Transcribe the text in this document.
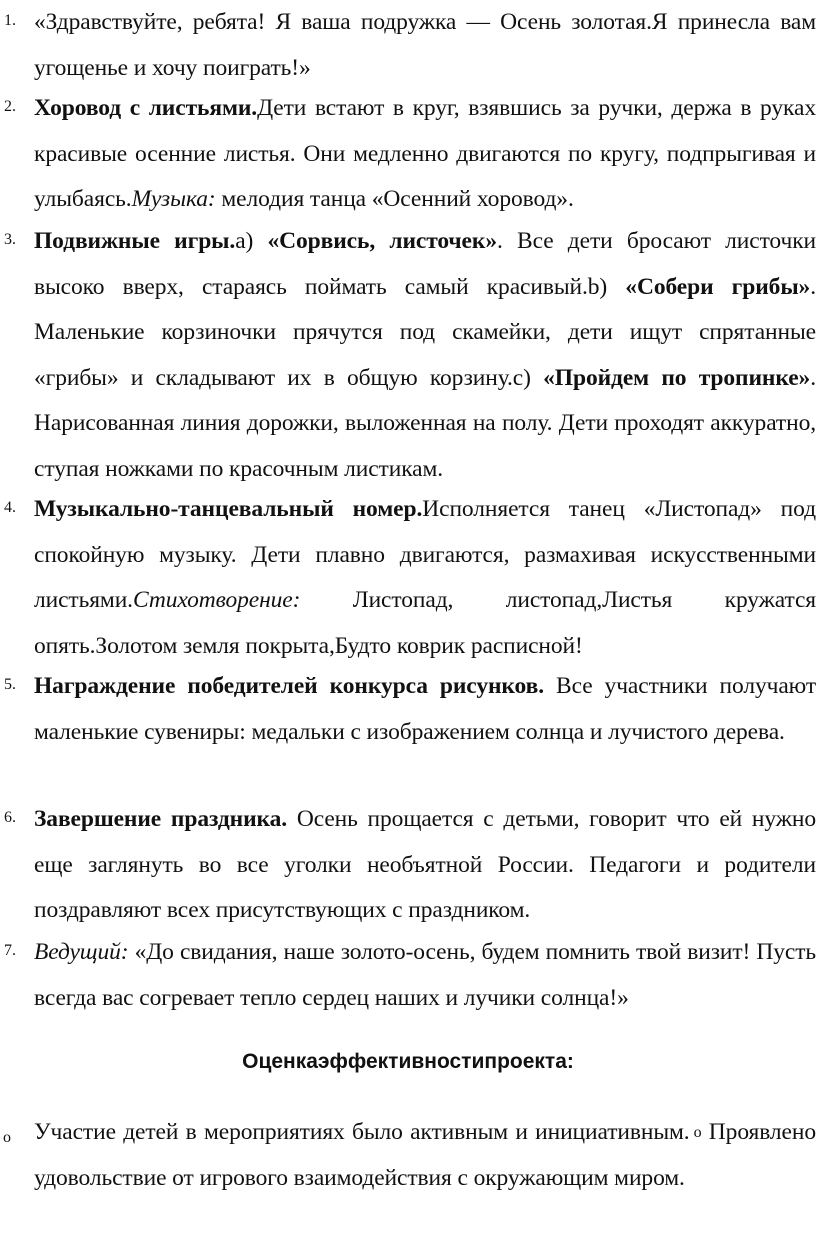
1. «Здравствуйте, ребята! Я ваша подружка — Осень золотая.Я принесла вам угощенье и хочу поиграть!»
2. Хоровод с листьями.Дети встают в круг, взявшись за ручки, держа в руках красивые осенние листья. Они медленно двигаются по кругу, подпрыгивая и улыбаясь.Музыка: мелодия танца «Осенний хоровод».
3. Подвижные игры.а) «Сорвись, листочек». Все дети бросают листочки высоко вверх, стараясь поймать самый красивый.b) «Собери грибы». Маленькие корзиночки прячутся под скамейки, дети ищут спрятанные «грибы» и складывают их в общую корзину.c) «Пройдем по тропинке». Нарисованная линия дорожки, выложенная на полу. Дети проходят аккуратно, ступая ножками по красочным листикам.
4. Музыкально-танцевальный номер.Исполняется танец «Листопад» под спокойную музыку. Дети плавно двигаются, размахивая искусственными листьями.Стихотворение: Листопад, листопад,Листья кружатся опять.Золотом земля покрыта,Будто коврик расписной!
5. Награждение победителей конкурса рисунков. Все участники получают маленькие сувениры: медальки с изображением солнца и лучистого дерева.
6. Завершение праздника. Осень прощается с детьми, говорит что ей нужно еще заглянуть во все уголки необъятной России. Педагоги и родители поздравляют всех присутствующих с праздником.
7. Ведущий: «До свидания, наше золото-осень, будем помнить твой визит! Пусть всегда вас согревает тепло сердец наших и лучики солнца!»
Оценкаэффективностипроекта:
o Участие детей в мероприятиях было активным и инициативным. o Проявлено удовольствие от игрового взаимодействия с окружающим миром.
